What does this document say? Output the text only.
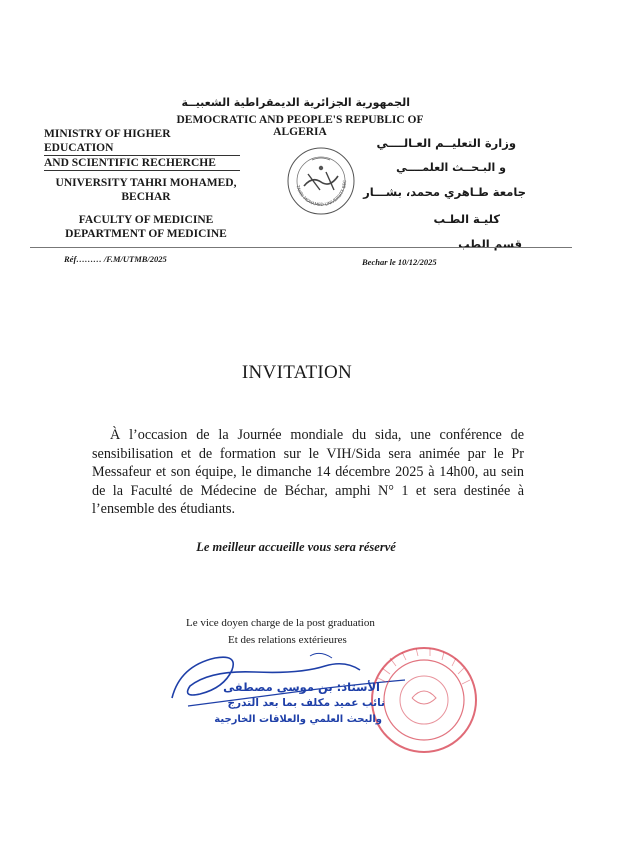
الجمهورية الجزائرية الديمقراطية الشعبيــة
DEMOCRATIC AND PEOPLE'S REPUBLIC OF ALGERIA
MINISTRY OF HIGHER EDUCATION
AND SCIENTIFIC RECHERCHE
UNIVERSITY TAHRI MOHAMED,
BECHAR
FACULTY OF MEDICINE
DEPARTMENT OF MEDICINE
وزارة التعليــم العـالــــي
و البـحــث العلمــــي
جامعة طـاهري محمد، بشـــار
كليـة الطـب
قسم الطب
TAHRI MOHAMED UNIVERSITY BEC
Réf……… /F.M/UTMB/2025	Bechar le 10/12/2025
INVITATION
À l’occasion de la Journée mondiale du sida, une conférence de sensibilisation et de formation sur le VIH/Sida sera animée par le Pr Messafeur et son équipe, le dimanche 14 décembre 2025 à 14h00, au sein de la Faculté de Médecine de Béchar, amphi N° 1 et sera destinée à l’ensemble des étudiants.
Le meilleur accueille vous sera réservé
Le vice doyen charge de la post graduation
Et des relations extérieures
الأستاذ: بن موسى مصطفى
نائب عميد مكلف بما بعد التدرج
والبحث العلمي والعلاقات الخارجية
